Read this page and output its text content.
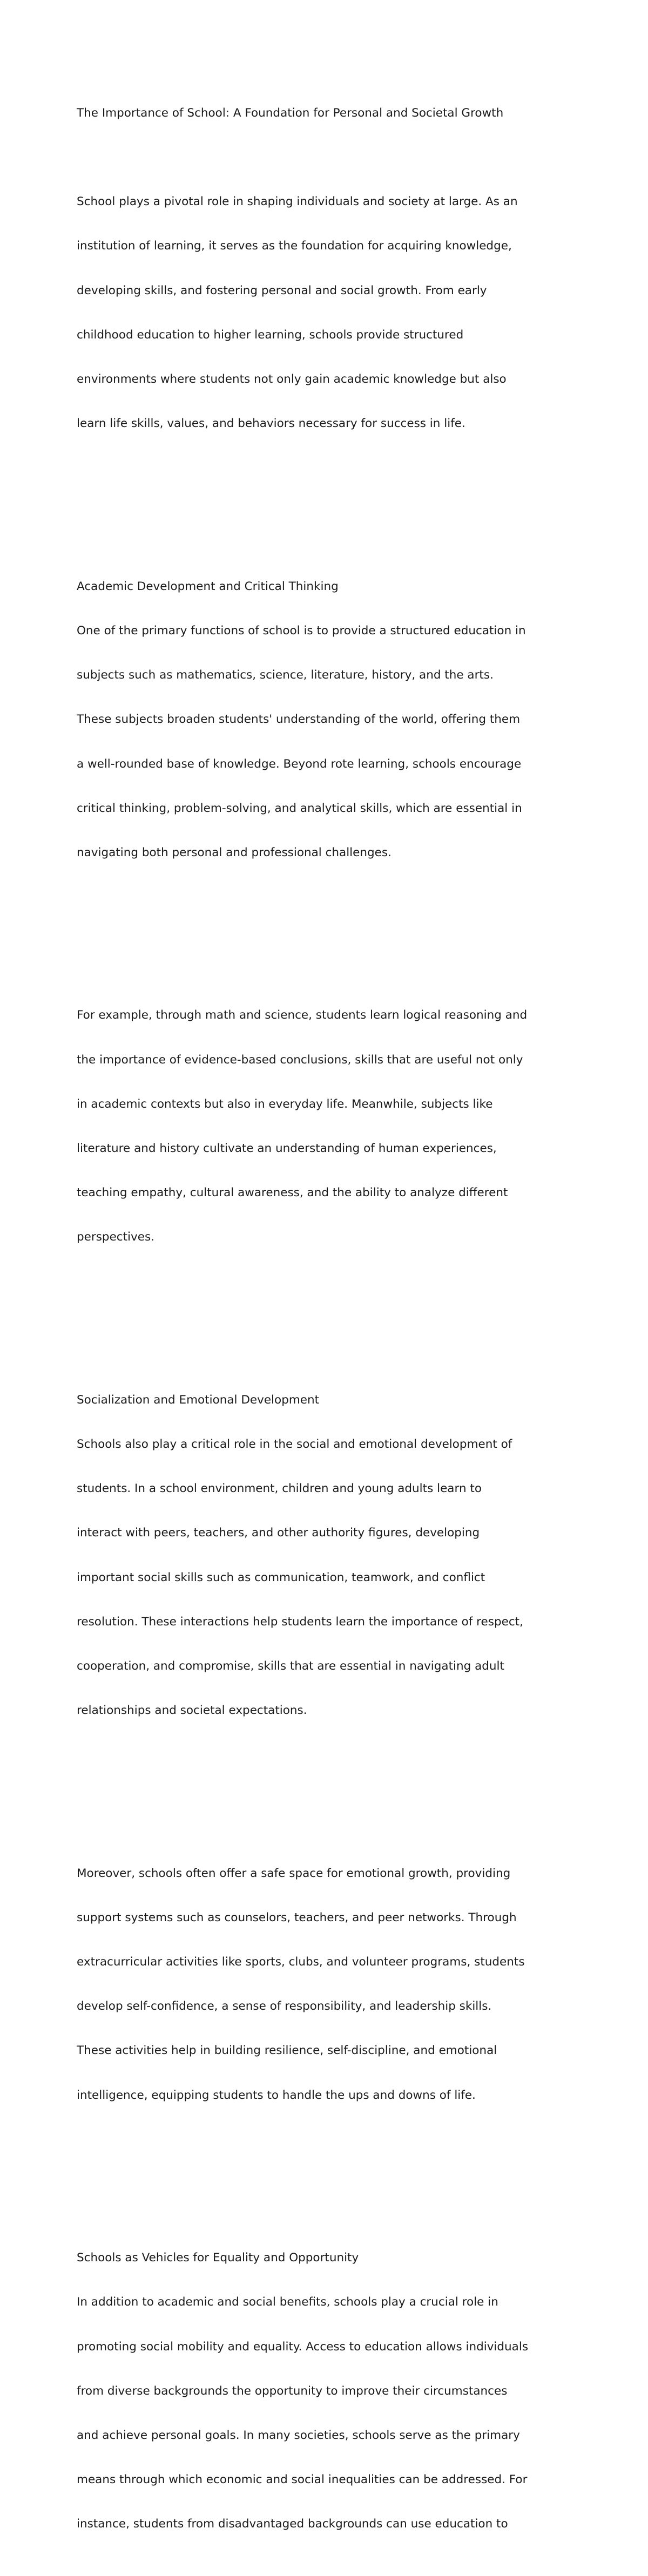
The Importance of School: A Foundation for Personal and Societal Growth

School plays a pivotal role in shaping individuals and society at large. As an

institution of learning, it serves as the foundation for acquiring knowledge,

developing skills, and fostering personal and social growth. From early

childhood education to higher learning, schools provide structured

environments where students not only gain academic knowledge but also

learn life skills, values, and behaviors necessary for success in life.

Academic Development and Critical Thinking

One of the primary functions of school is to provide a structured education in

subjects such as mathematics, science, literature, history, and the arts.

These subjects broaden students' understanding of the world, offering them

a well-rounded base of knowledge. Beyond rote learning, schools encourage

critical thinking, problem-solving, and analytical skills, which are essential in

navigating both personal and professional challenges.

For example, through math and science, students learn logical reasoning and

the importance of evidence-based conclusions, skills that are useful not only

in academic contexts but also in everyday life. Meanwhile, subjects like

literature and history cultivate an understanding of human experiences,

teaching empathy, cultural awareness, and the ability to analyze different

perspectives.

Socialization and Emotional Development

Schools also play a critical role in the social and emotional development of

students. In a school environment, children and young adults learn to

interact with peers, teachers, and other authority figures, developing

important social skills such as communication, teamwork, and conflict

resolution. These interactions help students learn the importance of respect,

cooperation, and compromise, skills that are essential in navigating adult

relationships and societal expectations.

Moreover, schools often offer a safe space for emotional growth, providing

support systems such as counselors, teachers, and peer networks. Through

extracurricular activities like sports, clubs, and volunteer programs, students

develop self-confidence, a sense of responsibility, and leadership skills.

These activities help in building resilience, self-discipline, and emotional

intelligence, equipping students to handle the ups and downs of life.

Schools as Vehicles for Equality and Opportunity

In addition to academic and social benefits, schools play a crucial role in

promoting social mobility and equality. Access to education allows individuals

from diverse backgrounds the opportunity to improve their circumstances

and achieve personal goals. In many societies, schools serve as the primary

means through which economic and social inequalities can be addressed. For

instance, students from disadvantaged backgrounds can use education to
